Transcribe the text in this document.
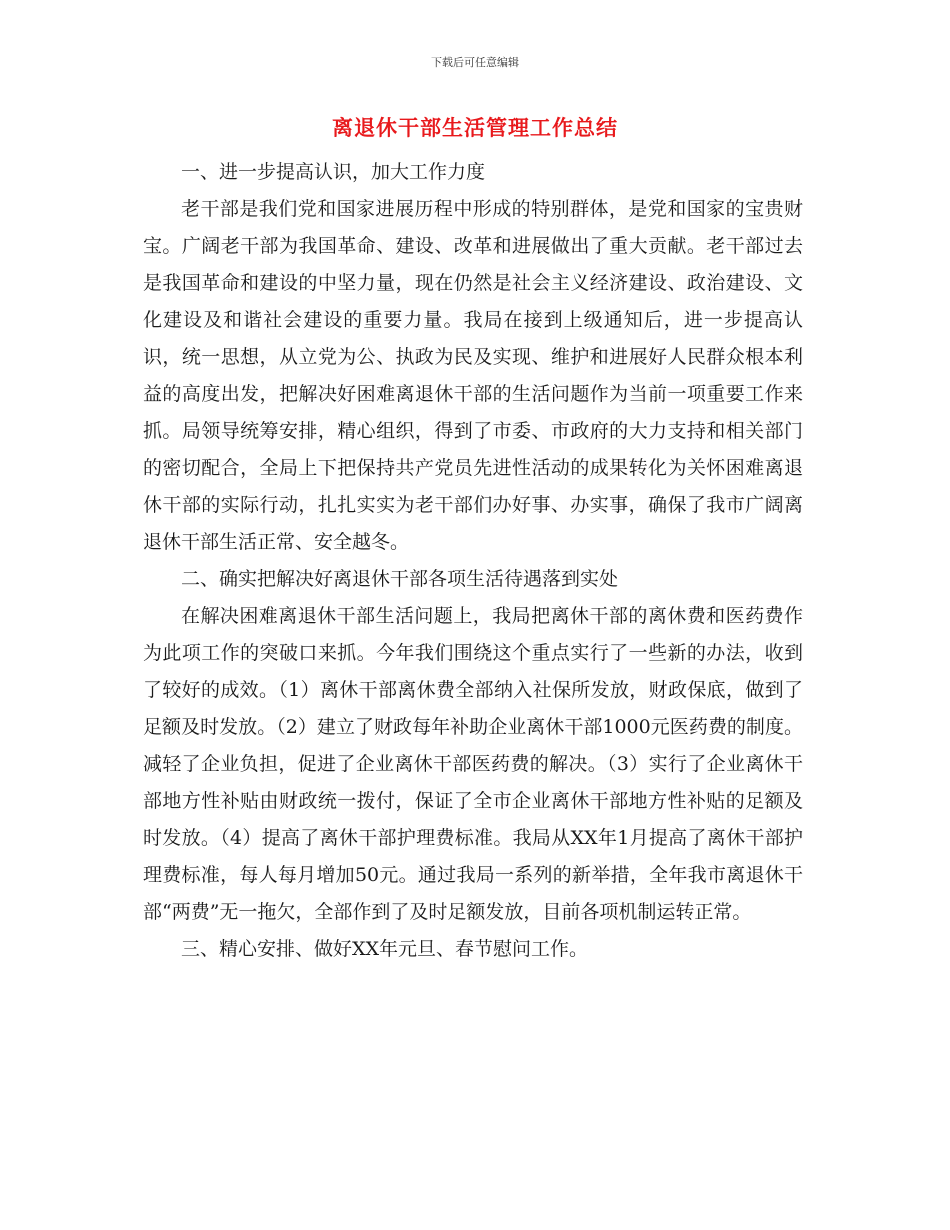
下载后可任意编辑
离退休干部生活管理工作总结

一、进一步提高认识，加大工作力度

老干部是我们党和国家进展历程中形成的特别群体，是党和国家的宝贵财宝。广阔老干部为我国革命、建设、改革和进展做出了重大贡献。老干部过去是我国革命和建设的中坚力量，现在仍然是社会主义经济建设、政治建设、文化建设及和谐社会建设的重要力量。我局在接到上级通知后，进一步提高认识，统一思想，从立党为公、执政为民及实现、维护和进展好人民群众根本利益的高度出发，把解决好困难离退休干部的生活问题作为当前一项重要工作来抓。局领导统筹安排，精心组织，得到了市委、市政府的大力支持和相关部门的密切配合，全局上下把保持共产党员先进性活动的成果转化为关怀困难离退休干部的实际行动，扎扎实实为老干部们办好事、办实事，确保了我市广阔离退休干部生活正常、安全越冬。

二、确实把解决好离退休干部各项生活待遇落到实处

在解决困难离退休干部生活问题上，我局把离休干部的离休费和医药费作为此项工作的突破口来抓。今年我们围绕这个重点实行了一些新的办法，收到了较好的成效。（1）离休干部离休费全部纳入社保所发放，财政保底，做到了足额及时发放。（2）建立了财政每年补助企业离休干部1000元医药费的制度。减轻了企业负担，促进了企业离休干部医药费的解决。（3）实行了企业离休干部地方性补贴由财政统一拨付，保证了全市企业离休干部地方性补贴的足额及时发放。（4）提高了离休干部护理费标准。我局从XX年1月提高了离休干部护理费标准，每人每月增加50元。通过我局一系列的新举措，全年我市离退休干部“两费”无一拖欠，全部作到了及时足额发放，目前各项机制运转正常。

三、精心安排、做好XX年元旦、春节慰问工作。
